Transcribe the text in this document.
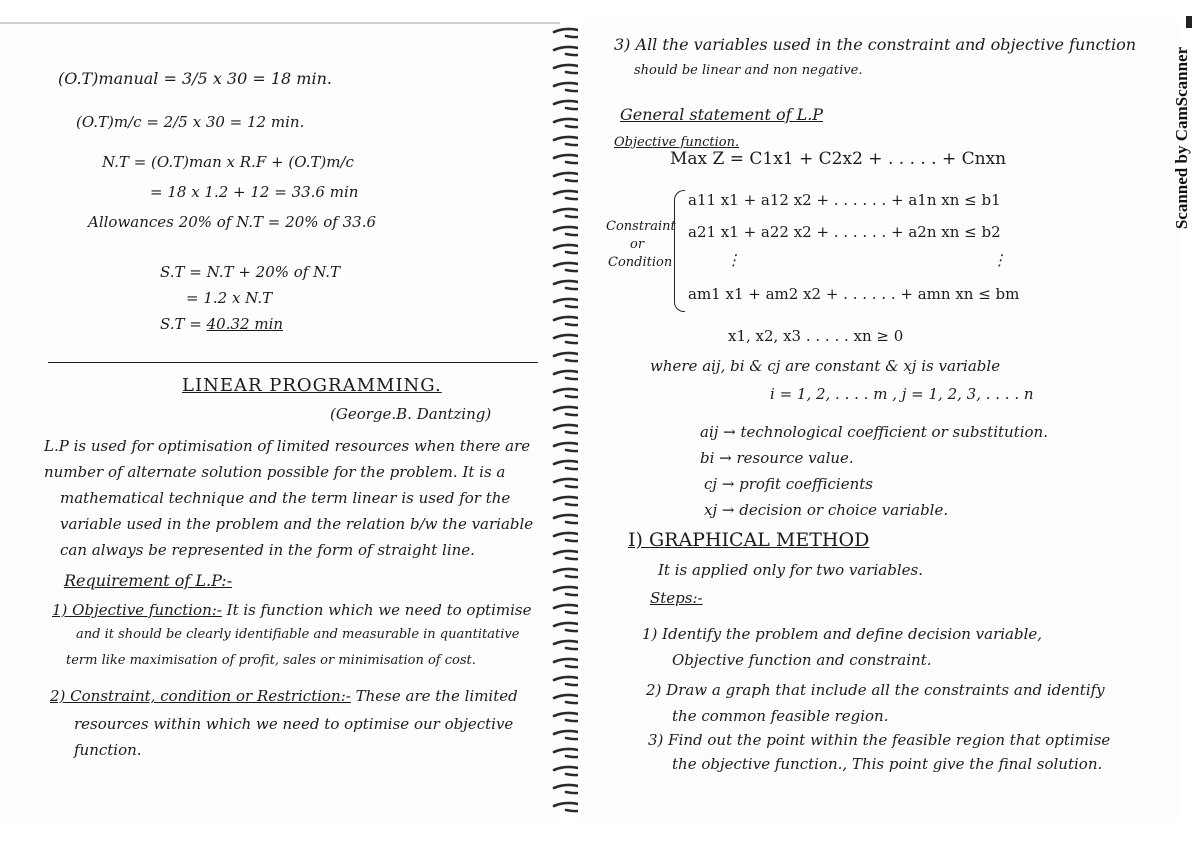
(O.T)manual = 3/5 x 30 = 18 min.
(O.T)m/c = 2/5 x 30 = 12 min.
N.T = (O.T)man x R.F + (O.T)m/c
= 18 x 1.2 + 12 = 33.6 min
Allowances 20% of N.T = 20% of 33.6
S.T = N.T + 20% of N.T
= 1.2 x N.T
S.T = 40.32 min
LINEAR PROGRAMMING.
(George.B. Dantzing)
L.P is used for optimisation of limited resources when there are
number of alternate solution possible for the problem. It is a
mathematical technique and the term linear is used for the
variable used in the problem and the relation b/w the variable
can always be represented in the form of straight line.
Requirement of L.P:-
1) Objective function:- It is function which we need to optimise
and it should be clearly identifiable and measurable in quantitative
term like maximisation of profit, sales or minimisation of cost.
2) Constraint, condition or Restriction:- These are the limited
resources within which we need to optimise our objective
function.
3) All the variables used in the constraint and objective function
should be linear and non negative.
General statement of L.P
Objective function.
Max Z = C1x1 + C2x2 + . . . . . + Cnxn
Constraint
or
Condition
a11 x1 + a12 x2 + . . . . . . + a1n xn ≤ b1
a21 x1 + a22 x2 + . . . . . . + a2n xn ≤ b2
⋮	⋮
am1 x1 + am2 x2 + . . . . . . + amn xn ≤ bm
x1, x2, x3 . . . . . xn ≥ 0
where aij, bi & cj are constant & xj is variable
i = 1, 2, . . . . m , j = 1, 2, 3, . . . . n
aij → technological coefficient or substitution.
bi → resource value.
cj → profit coefficients
xj → decision or choice variable.
I) GRAPHICAL METHOD
It is applied only for two variables.
Steps:-
1) Identify the problem and define decision variable,
Objective function and constraint.
2) Draw a graph that include all the constraints and identify
the common feasible region.
3) Find out the point within the feasible region that optimise
the objective function., This point give the final solution.
Scanned by CamScanner
